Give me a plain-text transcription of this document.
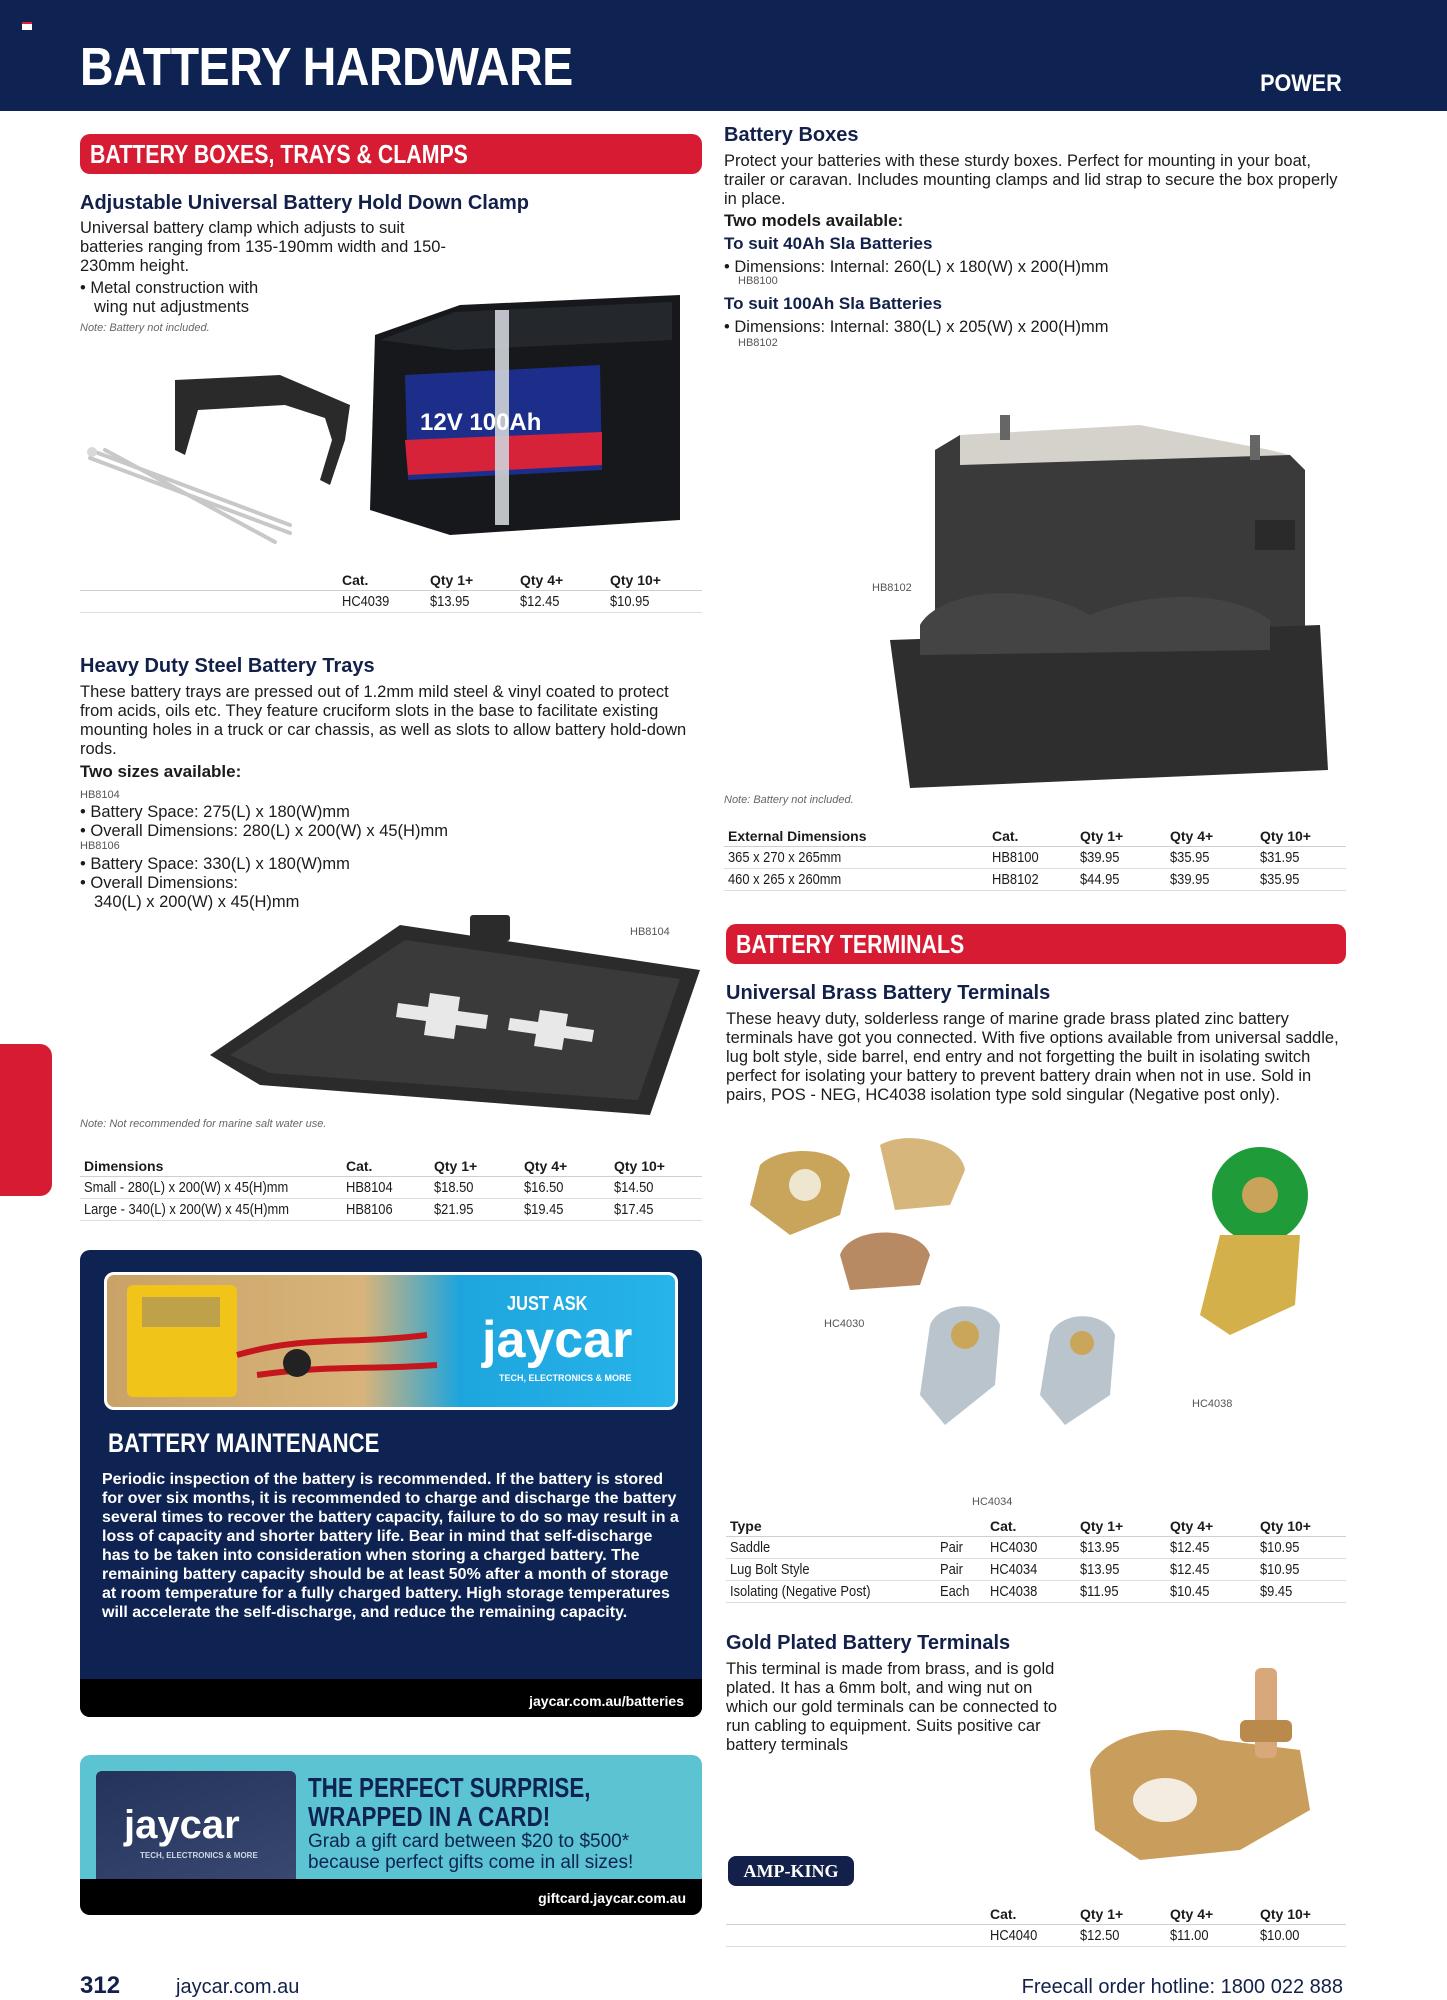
BATTERY HARDWARE	POWER
BATTERY BOXES, TRAYS & CLAMPS
Adjustable Universal Battery Hold Down Clamp
Universal battery clamp which adjusts to suit batteries ranging from 135-190mm width and 150-230mm height.
• Metal construction with
wing nut adjustments
Note: Battery not included.
12V 100Ah
	Cat.	Qty 1+	Qty 4+	Qty 10+
	HC4039	$13.95	$12.45	$10.95
Heavy Duty Steel Battery Trays
These battery trays are pressed out of 1.2mm mild steel & vinyl coated to protect from acids, oils etc. They feature cruciform slots in the base to facilitate existing mounting holes in a truck or car chassis, as well as slots to allow battery hold-down rods.
Two sizes available:
HB8104
• Battery Space: 275(L) x 180(W)mm
• Overall Dimensions: 280(L) x 200(W) x 45(H)mm
HB8106
• Battery Space: 330(L) x 180(W)mm
• Overall Dimensions:
340(L) x 200(W) x 45(H)mm
HB8104
Note: Not recommended for marine salt water use.
Dimensions	Cat.	Qty 1+	Qty 4+	Qty 10+
Small - 280(L) x 200(W) x 45(H)mm	HB8104	$18.50	$16.50	$14.50
Large - 340(L) x 200(W) x 45(H)mm	HB8106	$21.95	$19.45	$17.45
JUST ASK
jaycar
TECH, ELECTRONICS & MORE
BATTERY MAINTENANCE
Periodic inspection of the battery is recommended. If the battery is stored for over six months, it is recommended to charge and discharge the battery several times to recover the battery capacity, failure to do so may result in a loss of capacity and shorter battery life. Bear in mind that self-discharge has to be taken into consideration when storing a charged battery. The remaining battery capacity should be at least 50% after a month of storage at room temperature for a fully charged battery. High storage temperatures will accelerate the self-discharge, and reduce the remaining capacity.
jaycar.com.au/batteries
jaycar
TECH, ELECTRONICS & MORE
THE PERFECT SURPRISE,
WRAPPED IN A CARD!
Grab a gift card between $20 to $500*
because perfect gifts come in all sizes!
giftcard.jaycar.com.au
Battery Boxes
Protect your batteries with these sturdy boxes. Perfect for mounting in your boat, trailer or caravan. Includes mounting clamps and lid strap to secure the box properly in place.
Two models available:
To suit 40Ah Sla Batteries
• Dimensions: Internal: 260(L) x 180(W) x 200(H)mm
HB8100
To suit 100Ah Sla Batteries
• Dimensions: Internal: 380(L) x 205(W) x 200(H)mm
HB8102
HB8102
Note: Battery not included.
External Dimensions	Cat.	Qty 1+	Qty 4+	Qty 10+
365 x 270 x 265mm	HB8100	$39.95	$35.95	$31.95
460 x 265 x 260mm	HB8102	$44.95	$39.95	$35.95
BATTERY TERMINALS
Universal Brass Battery Terminals
These heavy duty, solderless range of marine grade brass plated zinc battery terminals have got you connected. With five options available from universal saddle, lug bolt style, side barrel, end entry and not forgetting the built in isolating switch perfect for isolating your battery to prevent battery drain when not in use. Sold in pairs, POS - NEG, HC4038 isolation type sold singular (Negative post only).
HC4030
HC4038
HC4034
Type		Cat.	Qty 1+	Qty 4+	Qty 10+
Saddle	Pair	HC4030	$13.95	$12.45	$10.95
Lug Bolt Style	Pair	HC4034	$13.95	$12.45	$10.95
Isolating (Negative Post)	Each	HC4038	$11.95	$10.45	$9.45
Gold Plated Battery Terminals
This terminal is made from brass, and is gold plated. It has a 6mm bolt, and wing nut on which our gold terminals can be connected to run cabling to equipment. Suits positive car battery terminals
AMP-KING
	Cat.	Qty 1+	Qty 4+	Qty 10+
	HC4040	$12.50	$11.00	$10.00
312	jaycar.com.au	Freecall order hotline: 1800 022 888
